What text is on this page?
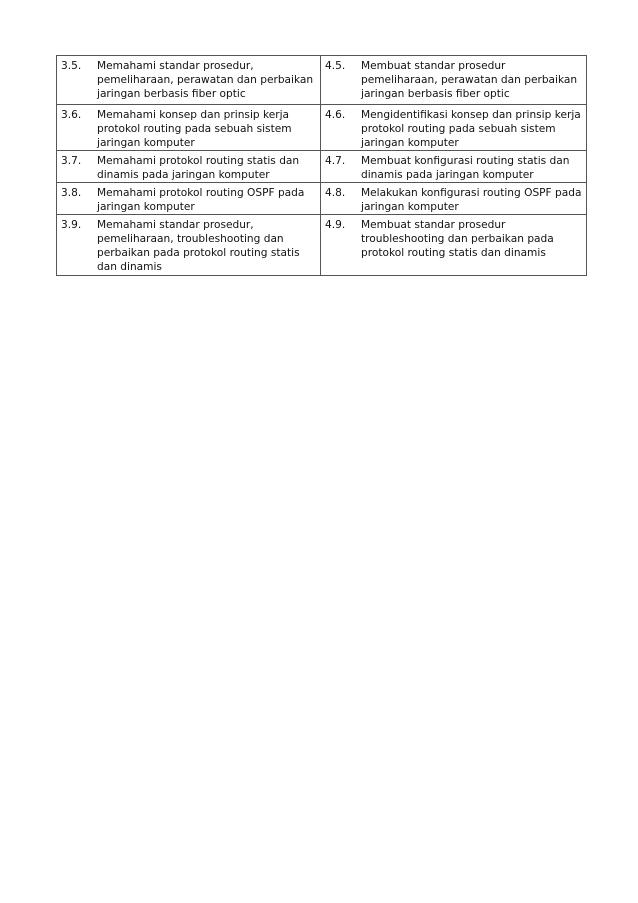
3.5. Memahami standar prosedur, pemeliharaan, perawatan dan perbaikan jaringan berbasis fiber optic	4.5. Membuat standar prosedur pemeliharaan, perawatan dan perbaikan jaringan berbasis fiber optic

3.6. Memahami konsep dan prinsip kerja protokol routing pada sebuah sistem jaringan komputer	4.6. Mengidentifikasi konsep dan prinsip kerja protokol routing pada sebuah sistem jaringan komputer

3.7. Memahami protokol routing statis dan dinamis pada jaringan komputer	4.7. Membuat konfigurasi routing statis dan dinamis pada jaringan komputer

3.8. Memahami protokol routing OSPF pada jaringan komputer	4.8. Melakukan konfigurasi routing OSPF pada jaringan komputer

3.9. Memahami standar prosedur, pemeliharaan, troubleshooting dan perbaikan pada protokol routing statis dan dinamis	4.9. Membuat standar prosedur troubleshooting dan perbaikan pada protokol routing statis dan dinamis
